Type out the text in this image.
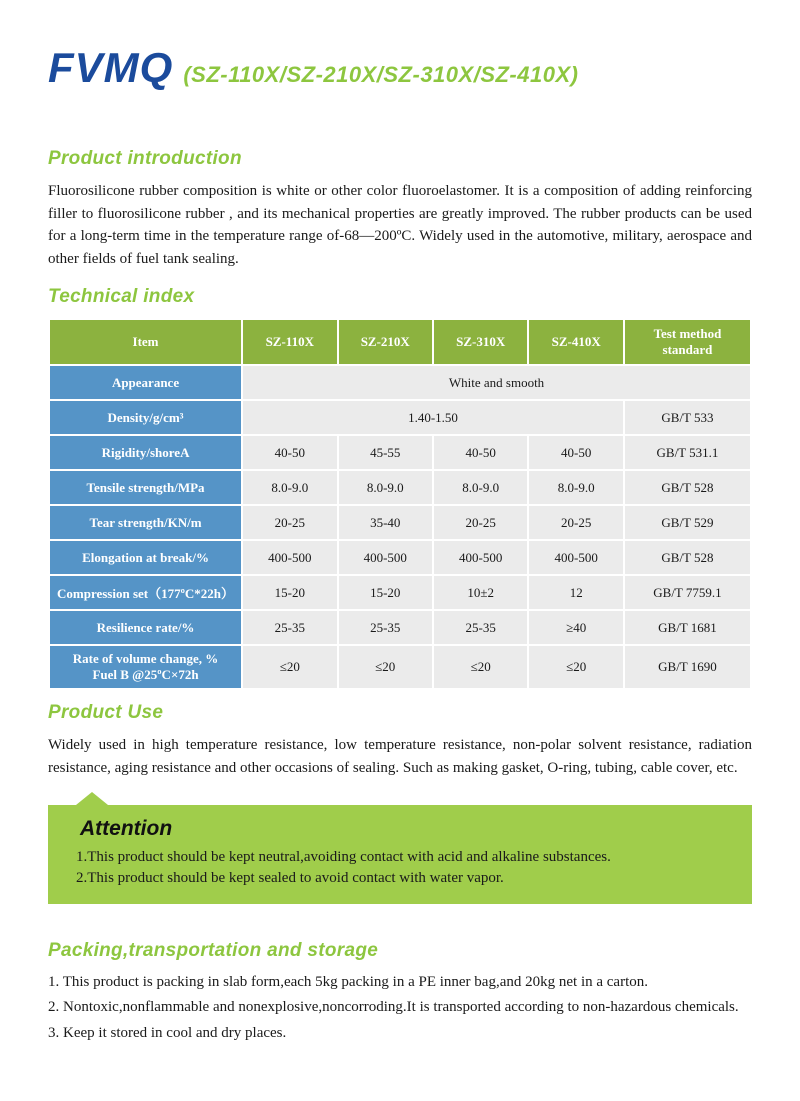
FVMQ (SZ-110X/SZ-210X/SZ-310X/SZ-410X)
Product introduction

Fluorosilicone rubber composition is white or other color fluoroelastomer. It is a composition of adding reinforcing filler to fluorosilicone rubber , and its mechanical properties are greatly improved. The rubber products can be used for a long-term time in the temperature range of-68—200ºC. Widely used in the automotive, military, aerospace and other fields of fuel tank sealing.

Technical index
Item	SZ-110X	SZ-210X	SZ-310X	SZ-410X	Test method standard
Appearance	White and smooth				
Density/g/cm³	1.40-1.50				GB/T 533
Rigidity/shoreA	40-50	45-55	40-50	40-50	GB/T 531.1
Tensile strength/MPa	8.0-9.0	8.0-9.0	8.0-9.0	8.0-9.0	GB/T 528
Tear strength/KN/m	20-25	35-40	20-25	20-25	GB/T 529
Elongation at break/%	400-500	400-500	400-500	400-500	GB/T 528
Compression set（177ºC*22h）	15-20	15-20	10±2	12	GB/T 7759.1
Resilience rate/%	25-35	25-35	25-35	≥40	GB/T 1681

Rate of volume change, %
Fuel B @25ºC×72h	≤20	≤20	≤20	≤20	GB/T 1690
Product Use

Widely used in high temperature resistance, low temperature resistance, non-polar solvent resistance, radiation resistance, aging resistance and other occasions of sealing. Such as making gasket, O-ring, tubing, cable cover, etc.

Attention
1.This product should be kept neutral,avoiding contact with acid and alkaline substances.
2.This product should be kept sealed to avoid contact with water vapor.
Packing,transportation and storage
1. This product is packing in slab form,each 5kg packing in a PE inner bag,and 20kg net in a carton.
2. Nontoxic,nonflammable and nonexplosive,noncorroding.It is transported according to non-hazardous chemicals.
3. Keep it stored in cool and dry places.
